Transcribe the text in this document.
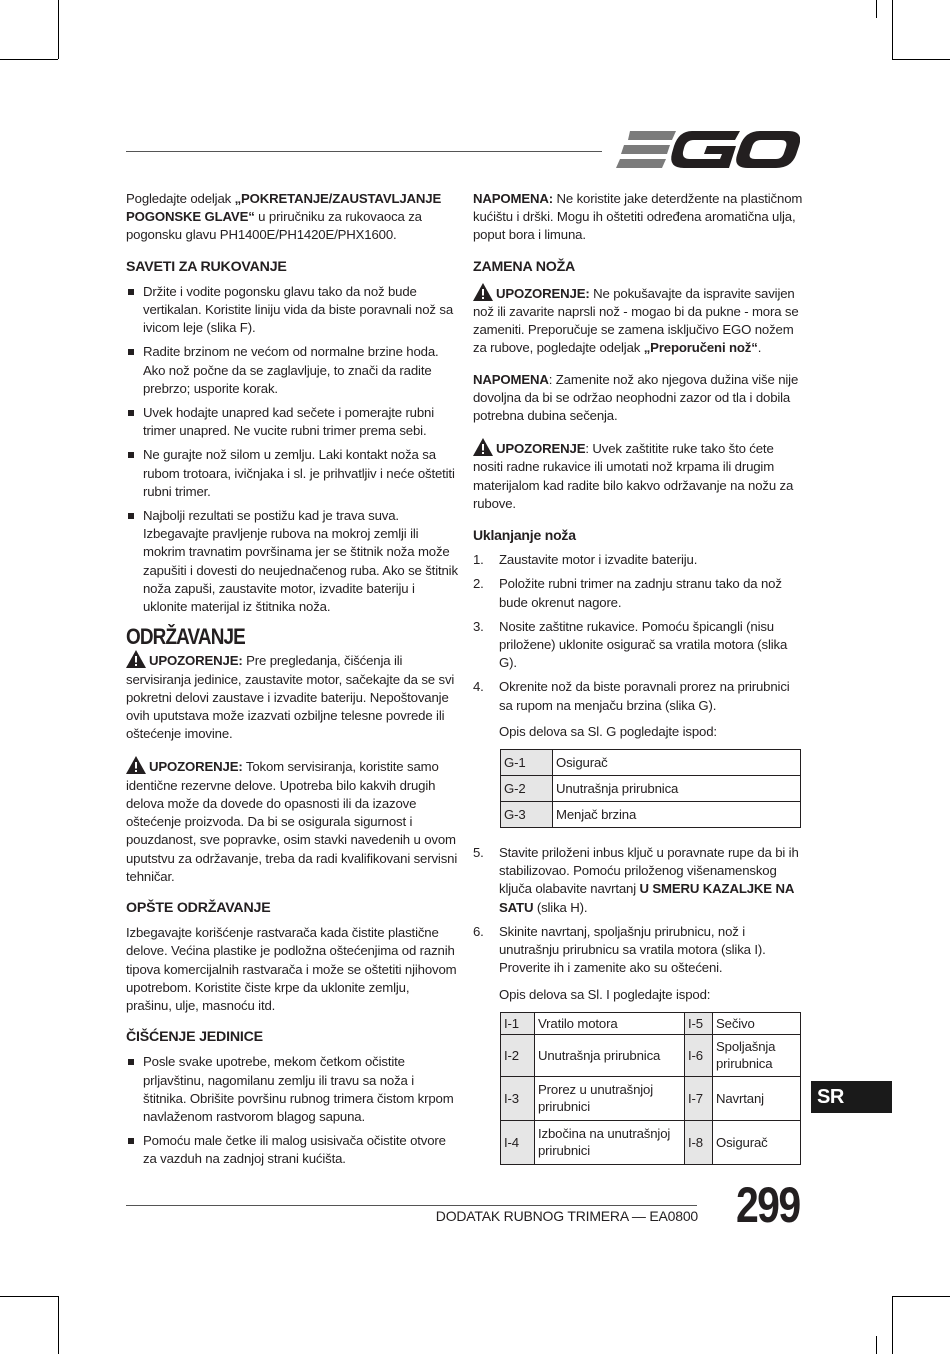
Pogledajte odeljak „POKRETANJE/ZAUSTAVLJANJE POGONSKE GLAVE“ u priručniku za rukovaoca za pogonsku glavu PH1400E/PH1420E/PHX1600.

SAVETI ZA RUKOVANJE
Držite i vodite pogonsku glavu tako da nož bude vertikalan. Koristite liniju vida da biste poravnali nož sa ivicom leje (slika F).
Radite brzinom ne većom od normalne brzine hoda. Ako nož počne da se zaglavljuje, to znači da radite prebrzo; usporite korak.
Uvek hodajte unapred kad sečete i pomerajte rubni trimer unapred. Ne vucite rubni trimer prema sebi.
Ne gurajte nož silom u zemlju. Laki kontakt noža sa rubom trotoara, ivičnjaka i sl. je prihvatljiv i neće oštetiti rubni trimer.
Najbolji rezultati se postižu kad je trava suva. Izbegavajte pravljenje rubova na mokroj zemlji ili mokrim travnatim površinama jer se štitnik noža može zapušiti i dovesti do neujednačenog ruba. Ako se štitnik noža zapuši, zaustavite motor, izvadite bateriju i uklonite materijal iz štitnika noža.
ODRŽAVANJE

UPOZORENJE: Pre pregledanja, čišćenja ili servisiranja jedinice, zaustavite motor, sačekajte da se svi pokretni delovi zaustave i izvadite bateriju. Nepoštovanje ovih uputstava može izazvati ozbiljne telesne povrede ili oštećenje imovine.

UPOZORENJE: Tokom servisiranja, koristite samo identične rezervne delove. Upotreba bilo kakvih drugih delova može da dovede do opasnosti ili da izazove oštećenje proizvoda. Da bi se osigurala sigurnost i pouzdanost, sve popravke, osim stavki navedenih u ovom uputstvu za održavanje, treba da radi kvalifikovani servisni tehničar.

OPŠTE ODRŽAVANJE

Izbegavajte korišćenje rastvarača kada čistite plastične delove. Većina plastike je podložna oštećenjima od raznih tipova komercijalnih rastvarača i može se oštetiti njihovom upotrebom. Koristite čiste krpe da uklonite zemlju, prašinu, ulje, masnoću itd.

ČIŠĆENJE JEDINICE
Posle svake upotrebe, mekom četkom očistite prljavštinu, nagomilanu zemlju ili travu sa noža i štitnika. Obrišite površinu rubnog trimera čistom krpom navlaženom rastvorom blagog sapuna.
Pomoću male četke ili malog usisivača očistite otvore za vazduh na zadnjoj strani kućišta.

NAPOMENA: Ne koristite jake deterdžente na plastičnom kućištu i drški. Mogu ih oštetiti određena aromatična ulja, poput bora i limuna.

ZAMENA NOŽA

UPOZORENJE: Ne pokušavajte da ispravite savijen nož ili zavarite naprsli nož - mogao bi da pukne - mora se zameniti. Preporučuje se zamena isključivo EGO nožem za rubove, pogledajte odeljak „Preporučeni nož“.

NAPOMENA: Zamenite nož ako njegova dužina više nije dovoljna da bi se održao neophodni zazor od tla i dobila potrebna dubina sečenja.

UPOZORENJE: Uvek zaštitite ruke tako što ćete nositi radne rukavice ili umotati nož krpama ili drugim materijalom kad radite bilo kakvo održavanje na nožu za rubove.

Uklanjanje noža
1. Zaustavite motor i izvadite bateriju.
2. Položite rubni trimer na zadnju stranu tako da nož bude okrenut nagore.
3. Nosite zaštitne rukavice. Pomoću špicangli (nisu priložene) uklonite osigurač sa vratila motora (slika G).
4. Okrenite nož da biste poravnali prorez na prirubnici sa rupom na menjaču brzina (slika G).

Opis delova sa Sl. G pogledajte ispod:

G-1	Osigurač
G-2	Unutrašnja prirubnica
G-3	Menjač brzina
5. Stavite priloženi inbus ključ u poravnate rupe da bi ih stabilizovao. Pomoću priloženog višenamenskog ključa olabavite navrtanj U SMERU KAZALJKE NA SATU (slika H).
6. Skinite navrtanj, spoljašnju prirubnicu, nož i unutrašnju prirubnicu sa vratila motora (slika I). Proverite ih i zamenite ako su oštećeni.

Opis delova sa Sl. I pogledajte ispod:

I-1	Vratilo motora	I-5	Sečivo
I-2	Unutrašnja prirubnica	I-6	Spoljašnja prirubnica
I-3	Prorez u unutrašnjoj prirubnici	I-7	Navrtanj
I-4	Izbočina na unutrašnjoj prirubnici	I-8	Osigurač
SR
DODATAK RUBNOG TRIMERA — EA0800 299
